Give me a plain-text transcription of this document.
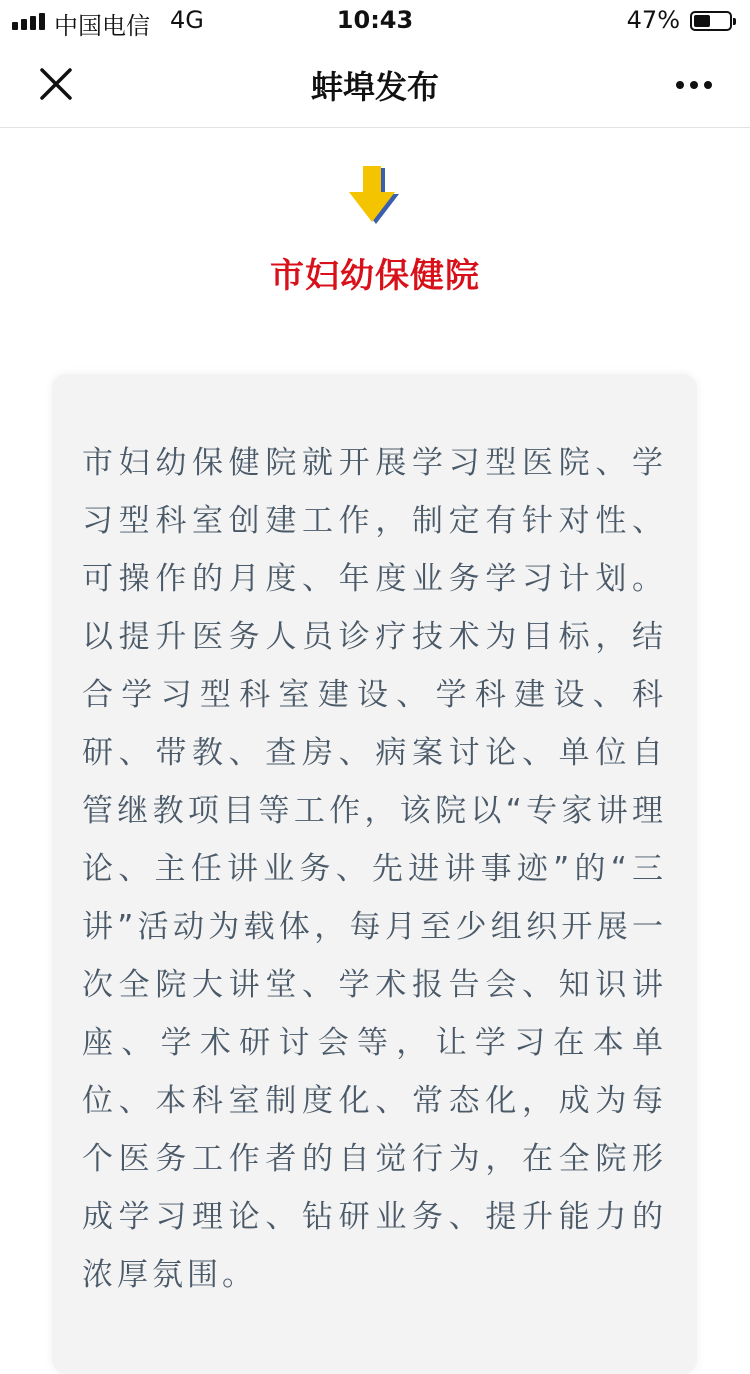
中国电信 4G	10:43	47%
蚌埠发布
市妇幼保健院

市妇幼保健院就开展学习型医院、学习型科室创建工作，制定有针对性、可操作的月度、年度业务学习计划。以提升医务人员诊疗技术为目标，结合学习型科室建设、学科建设、科研、带教、查房、病案讨论、单位自管继教项目等工作，该院以“专家讲理论、主任讲业务、先进讲事迹”的“三讲”活动为载体，每月至少组织开展一次全院大讲堂、学术报告会、知识讲座、学术研讨会等，让学习在本单位、本科室制度化、常态化，成为每个医务工作者的自觉行为，在全院形成学习理论、钻研业务、提升能力的浓厚氛围。
